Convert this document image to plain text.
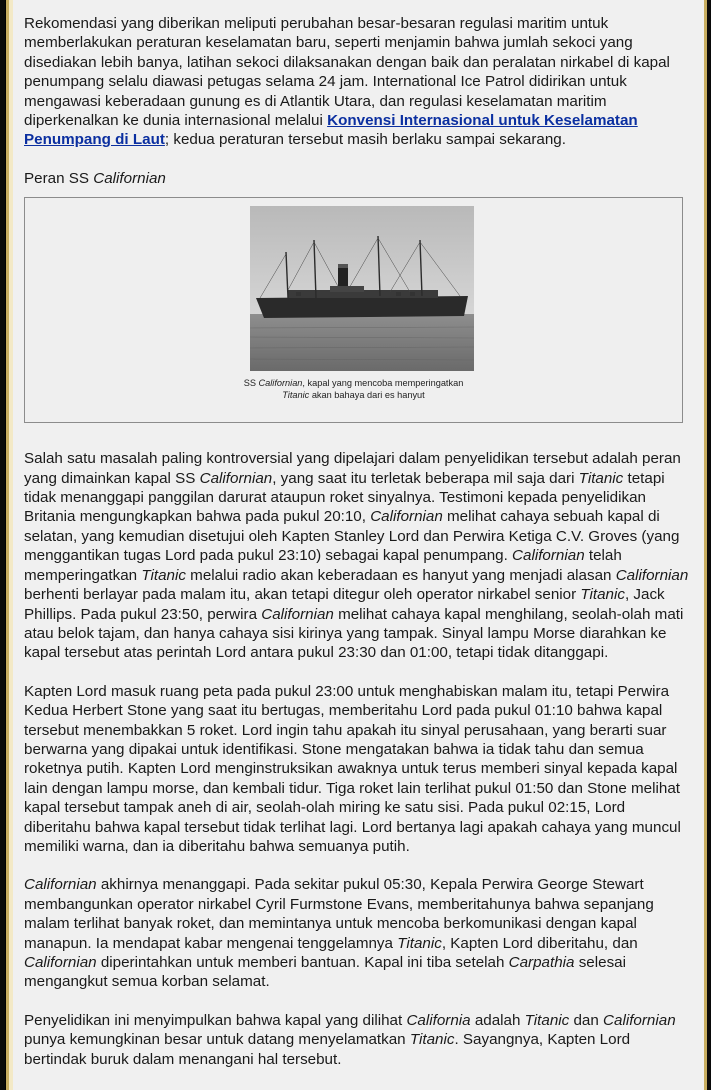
Rekomendasi yang diberikan meliputi perubahan besar-besaran regulasi maritim untuk memberlakukan peraturan keselamatan baru, seperti menjamin bahwa jumlah sekoci yang disediakan lebih banya, latihan sekoci dilaksanakan dengan baik dan peralatan nirkabel di kapal penumpang selalu diawasi petugas selama 24 jam. International Ice Patrol didirikan untuk mengawasi keberadaan gunung es di Atlantik Utara, dan regulasi keselamatan maritim diperkenalkan ke dunia internasional melalui Konvensi Internasional untuk Keselamatan Penumpang di Laut; kedua peraturan tersebut masih berlaku sampai sekarang.

Peran SS Californian

SS Californian, kapal yang mencoba memperingatkan Titanic akan bahaya dari es hanyut

Salah satu masalah paling kontroversial yang dipelajari dalam penyelidikan tersebut adalah peran yang dimainkan kapal SS Californian, yang saat itu terletak beberapa mil saja dari Titanic tetapi tidak menanggapi panggilan darurat ataupun roket sinyalnya. Testimoni kepada penyelidikan Britania mengungkapkan bahwa pada pukul 20:10, Californian melihat cahaya sebuah kapal di selatan, yang kemudian disetujui oleh Kapten Stanley Lord dan Perwira Ketiga C.V. Groves (yang menggantikan tugas Lord pada pukul 23:10) sebagai kapal penumpang. Californian telah memperingatkan Titanic melalui radio akan keberadaan es hanyut yang menjadi alasan Californian berhenti berlayar pada malam itu, akan tetapi ditegur oleh operator nirkabel senior Titanic, Jack Phillips. Pada pukul 23:50, perwira Californian melihat cahaya kapal menghilang, seolah-olah mati atau belok tajam, dan hanya cahaya sisi kirinya yang tampak. Sinyal lampu Morse diarahkan ke kapal tersebut atas perintah Lord antara pukul 23:30 dan 01:00, tetapi tidak ditanggapi.

Kapten Lord masuk ruang peta pada pukul 23:00 untuk menghabiskan malam itu, tetapi Perwira Kedua Herbert Stone yang saat itu bertugas, memberitahu Lord pada pukul 01:10 bahwa kapal tersebut menembakkan 5 roket. Lord ingin tahu apakah itu sinyal perusahaan, yang berarti suar berwarna yang dipakai untuk identifikasi. Stone mengatakan bahwa ia tidak tahu dan semua roketnya putih. Kapten Lord menginstruksikan awaknya untuk terus memberi sinyal kepada kapal lain dengan lampu morse, dan kembali tidur. Tiga roket lain terlihat pukul 01:50 dan Stone melihat kapal tersebut tampak aneh di air, seolah-olah miring ke satu sisi. Pada pukul 02:15, Lord diberitahu bahwa kapal tersebut tidak terlihat lagi. Lord bertanya lagi apakah cahaya yang muncul memiliki warna, dan ia diberitahu bahwa semuanya putih.

Californian akhirnya menanggapi. Pada sekitar pukul 05:30, Kepala Perwira George Stewart membangunkan operator nirkabel Cyril Furmstone Evans, memberitahunya bahwa sepanjang malam terlihat banyak roket, dan memintanya untuk mencoba berkomunikasi dengan kapal manapun. Ia mendapat kabar mengenai tenggelamnya Titanic, Kapten Lord diberitahu, dan Californian diperintahkan untuk memberi bantuan. Kapal ini tiba setelah Carpathia selesai mengangkut semua korban selamat.

Penyelidikan ini menyimpulkan bahwa kapal yang dilihat California adalah Titanic dan Californian punya kemungkinan besar untuk datang menyelamatkan Titanic. Sayangnya, Kapten Lord bertindak buruk dalam menangani hal tersebut.
